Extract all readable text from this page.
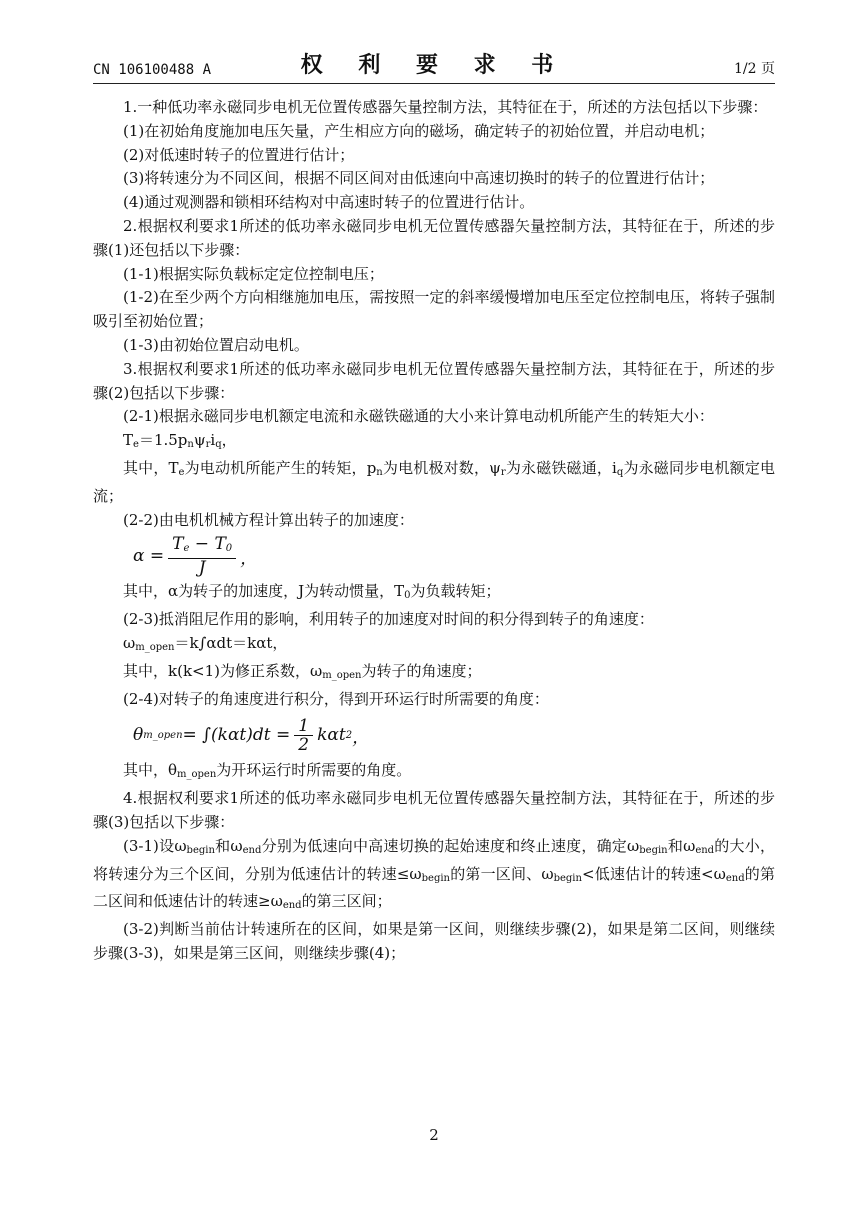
CN 106100488 A	权 利 要 求 书	1/2 页

1.一种低功率永磁同步电机无位置传感器矢量控制方法，其特征在于，所述的方法包括以下步骤：

(1)在初始角度施加电压矢量，产生相应方向的磁场，确定转子的初始位置，并启动电机；

(2)对低速时转子的位置进行估计；

(3)将转速分为不同区间，根据不同区间对由低速向中高速切换时的转子的位置进行估计；

(4)通过观测器和锁相环结构对中高速时转子的位置进行估计。

2.根据权利要求1所述的低功率永磁同步电机无位置传感器矢量控制方法，其特征在于，所述的步骤(1)还包括以下步骤：

(1-1)根据实际负载标定定位控制电压；

(1-2)在至少两个方向相继施加电压，需按照一定的斜率缓慢增加电压至定位控制电压，将转子强制吸引至初始位置；

(1-3)由初始位置启动电机。

3.根据权利要求1所述的低功率永磁同步电机无位置传感器矢量控制方法，其特征在于，所述的步骤(2)包括以下步骤：

(2-1)根据永磁同步电机额定电流和永磁铁磁通的大小来计算电动机所能产生的转矩大小：

$T_e=1.5p_n\psi_ri_q$，

其中，$T_e$为电动机所能产生的转矩，$p_n$为电机极对数，$\psi_r$为永磁铁磁通，$i_q$为永磁同步电机额定电流；

(2-2)由电机机械方程计算出转子的加速度：

$\alpha = \frac{T_e - T_0}{J}$ ，

其中，α为转子的加速度，J为转动惯量，$T_0$为负载转矩；

(2-3)抵消阻尼作用的影响，利用转子的加速度对时间的积分得到转子的角速度：

$\omega_{m\_open}=k\int\alpha dt=k\alpha t$，

其中，k(k<1)为修正系数，$\omega_{m\_open}$为转子的角速度；

(2-4)对转子的角速度进行积分，得到开环运行时所需要的角度：

θ m_open = $\int(k\alpha t)dt = \frac{1}{2}$ kαt 2 ，

其中，$\theta_{m\_open}$为开环运行时所需要的角度。

4.根据权利要求1所述的低功率永磁同步电机无位置传感器矢量控制方法，其特征在于，所述的步骤(3)包括以下步骤：

(3-1)设$\omega_{begin}$和$\omega_{end}$分别为低速向中高速切换的起始速度和终止速度，确定$\omega_{begin}$和$\omega_{end}$的大小，将转速分为三个区间，分别为低速估计的转速$\le\omega_{begin}$的第一区间、$\omega_{begin}<$低速估计的转速$<\omega_{end}$的第二区间和低速估计的转速$\ge\omega_{end}$的第三区间；

(3-2)判断当前估计转速所在的区间，如果是第一区间，则继续步骤(2)，如果是第二区间，则继续步骤(3-3)，如果是第三区间，则继续步骤(4)；

2
